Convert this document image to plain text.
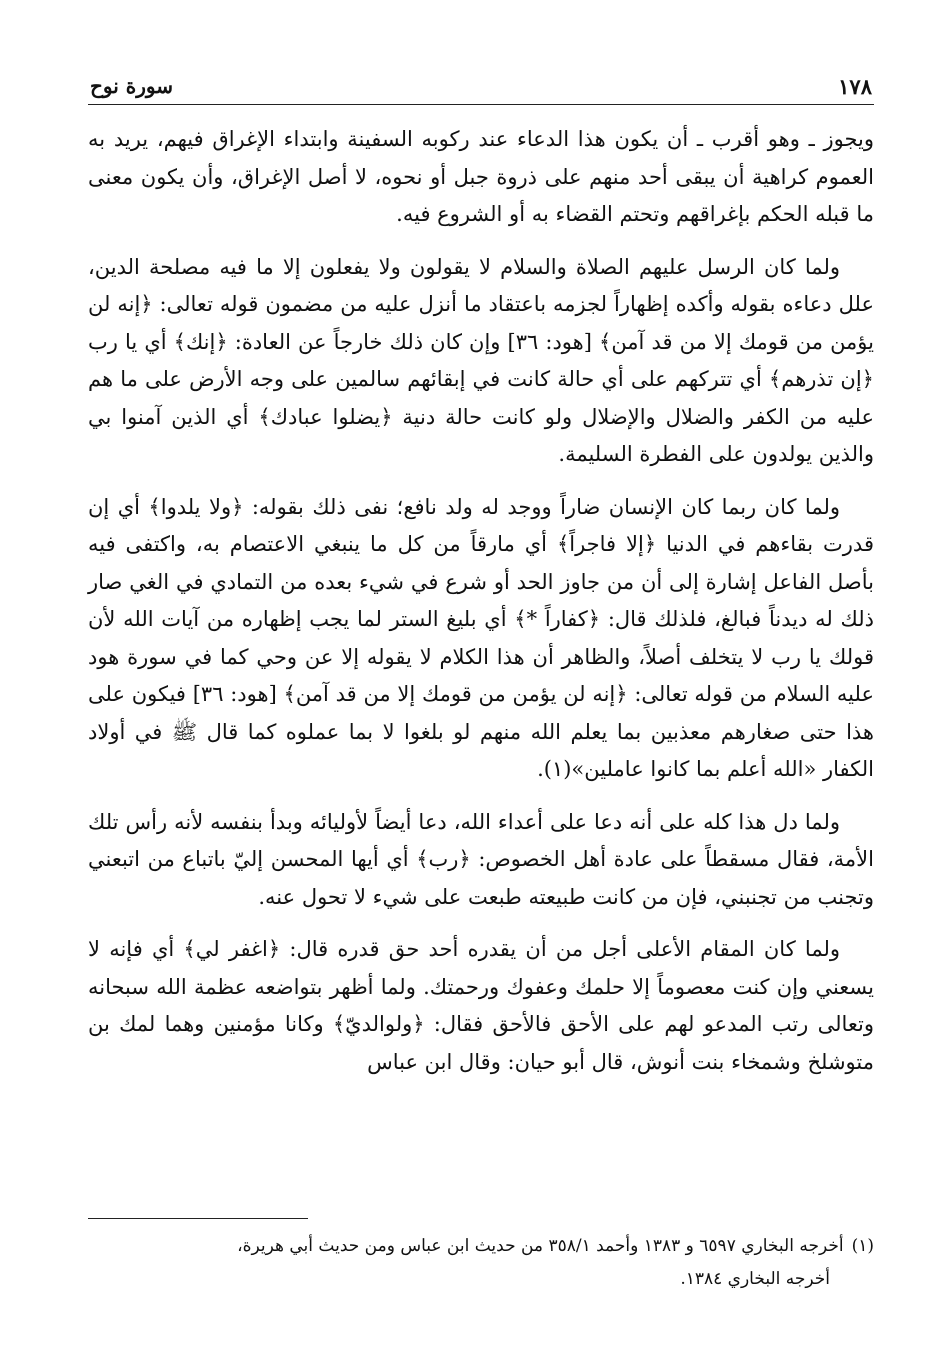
١٧٨
سورة نوح

ويجوز ـ وهو أقرب ـ أن يكون هذا الدعاء عند ركوبه السفينة وابتداء الإغراق فيهم، يريد به العموم كراهية أن يبقى أحد منهم على ذروة جبل أو نحوه، لا أصل الإغراق، وأن يكون معنى ما قبله الحكم بإغراقهم وتحتم القضاء به أو الشروع فيه.

ولما كان الرسل عليهم الصلاة والسلام لا يقولون ولا يفعلون إلا ما فيه مصلحة الدين، علل دعاءه بقوله وأكده إظهاراً لجزمه باعتقاد ما أنزل عليه من مضمون قوله تعالى: ﴿إنه لن يؤمن من قومك إلا من قد آمن﴾ [هود: ٣٦] وإن كان ذلك خارجاً عن العادة: ﴿إنك﴾ أي يا رب ﴿إن تذرهم﴾ أي تتركهم على أي حالة كانت في إبقائهم سالمين على وجه الأرض على ما هم عليه من الكفر والضلال والإضلال ولو كانت حالة دنية ﴿يضلوا عبادك﴾ أي الذين آمنوا بي والذين يولدون على الفطرة السليمة.

ولما كان ربما كان الإنسان ضاراً ووجد له ولد نافع؛ نفى ذلك بقوله: ﴿ولا يلدوا﴾ أي إن قدرت بقاءهم في الدنيا ﴿إلا فاجراً﴾ أي مارقاً من كل ما ينبغي الاعتصام به، واكتفى فيه بأصل الفاعل إشارة إلى أن من جاوز الحد أو شرع في شيء بعده من التمادي في الغي صار ذلك له ديدناً فبالغ، فلذلك قال: ﴿كفاراً *﴾ أي بليغ الستر لما يجب إظهاره من آيات الله لأن قولك يا رب لا يتخلف أصلاً، والظاهر أن هذا الكلام لا يقوله إلا عن وحي كما في سورة هود عليه السلام من قوله تعالى: ﴿إنه لن يؤمن من قومك إلا من قد آمن﴾ [هود: ٣٦] فيكون على هذا حتى صغارهم معذبين بما يعلم الله منهم لو بلغوا لا بما عملوه كما قال ﷺ في أولاد الكفار «الله أعلم بما كانوا عاملين»(١).

ولما دل هذا كله على أنه دعا على أعداء الله، دعا أيضاً لأوليائه وبدأ بنفسه لأنه رأس تلك الأمة، فقال مسقطاً على عادة أهل الخصوص: ﴿رب﴾ أي أيها المحسن إليّ باتباع من اتبعني وتجنب من تجنبني، فإن من كانت طبيعته طبعت على شيء لا تحول عنه.

ولما كان المقام الأعلى أجل من أن يقدره أحد حق قدره قال: ﴿اغفر لي﴾ أي فإنه لا يسعني وإن كنت معصوماً إلا حلمك وعفوك ورحمتك. ولما أظهر بتواضعه عظمة الله سبحانه وتعالى رتب المدعو لهم على الأحق فالأحق فقال: ﴿ولوالديّ﴾ وكانا مؤمنين وهما لمك بن متوشلخ وشمخاء بنت أنوش، قال أبو حيان: وقال ابن عباس

(١)أخرجه البخاري ٦٥٩٧ و ١٣٨٣ وأحمد ٣٥٨/١ من حديث ابن عباس ومن حديث أبي هريرة،
أخرجه البخاري ١٣٨٤.
